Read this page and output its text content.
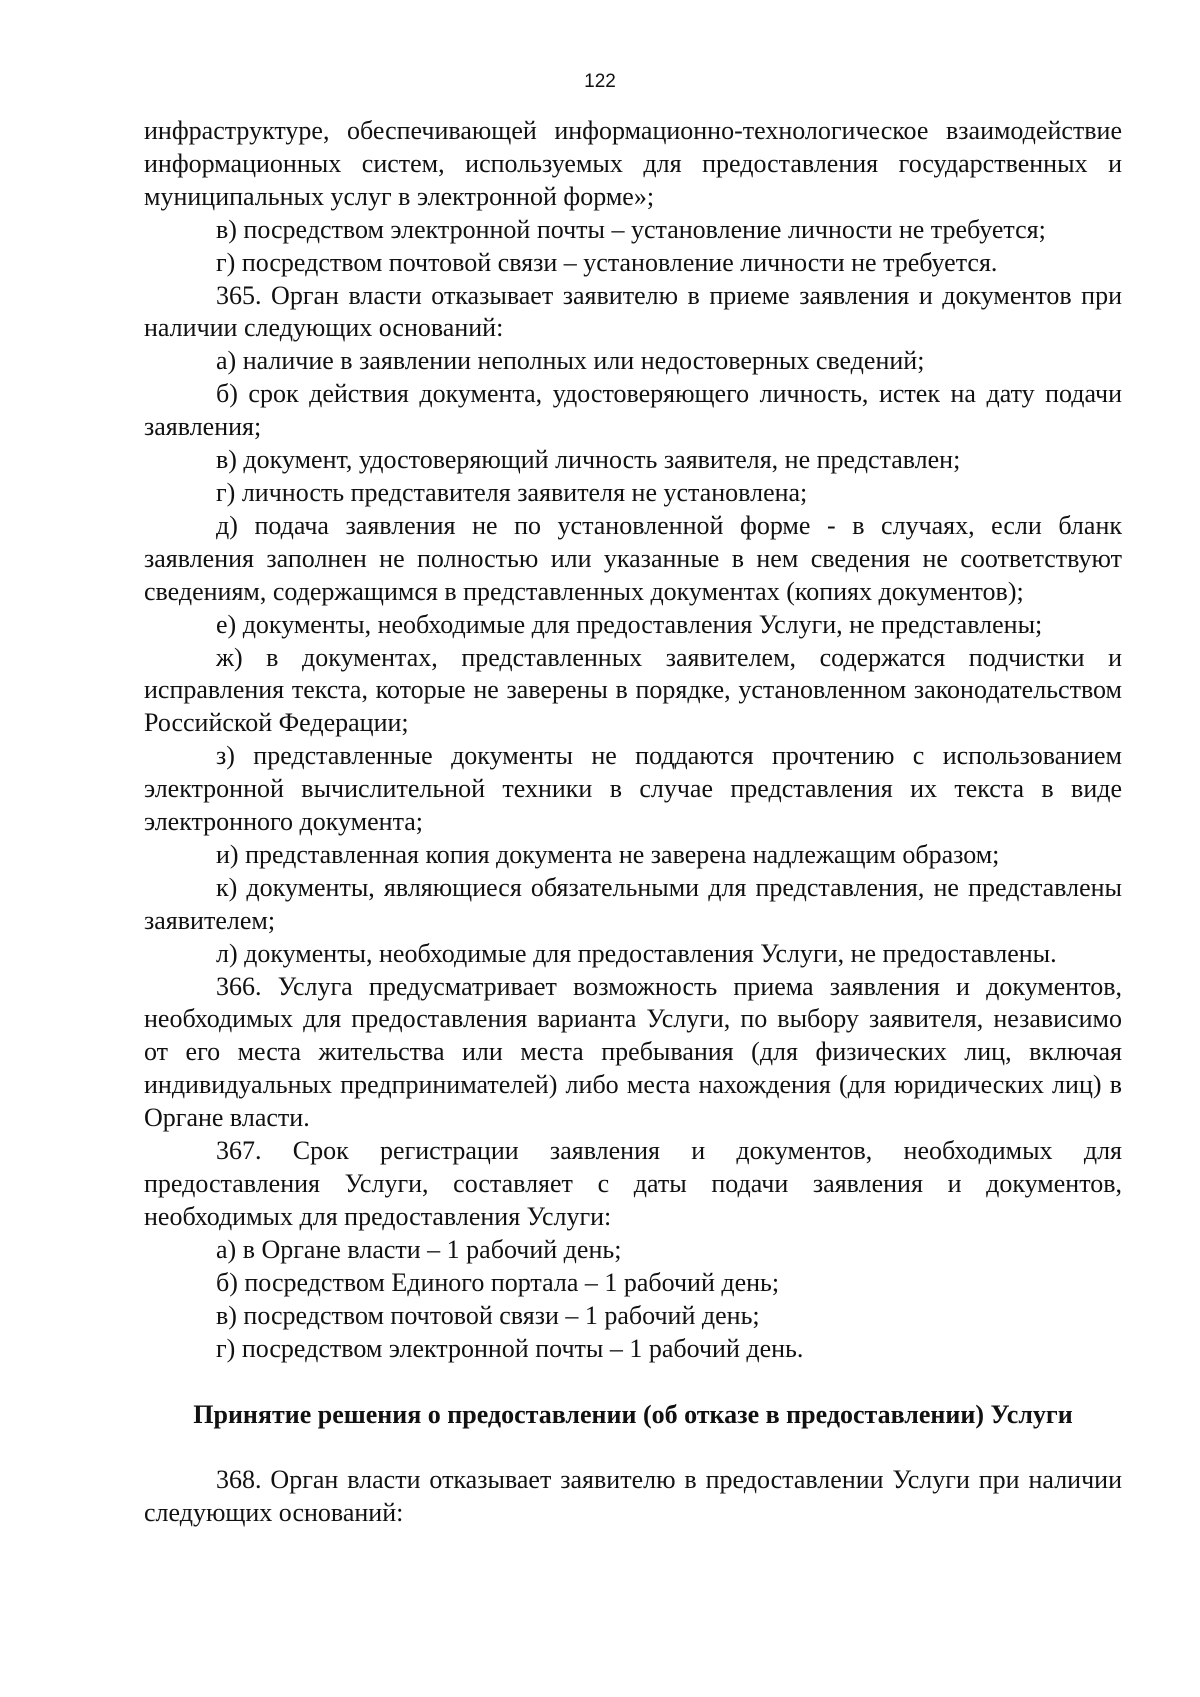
122

инфраструктуре, обеспечивающей информационно-технологическое взаимодействие информационных систем, используемых для предоставления государственных и муниципальных услуг в электронной форме»;

в) посредством электронной почты – установление личности не требуется;

г) посредством почтовой связи – установление личности не требуется.

365. Орган власти отказывает заявителю в приеме заявления и документов при наличии следующих оснований:

а) наличие в заявлении неполных или недостоверных сведений;

б) срок действия документа, удостоверяющего личность, истек на дату подачи заявления;

в) документ, удостоверяющий личность заявителя, не представлен;

г) личность представителя заявителя не установлена;

д) подача заявления не по установленной форме - в случаях, если бланк заявления заполнен не полностью или указанные в нем сведения не соответствуют сведениям, содержащимся в представленных документах (копиях документов);

е) документы, необходимые для предоставления Услуги, не представлены;

ж) в документах, представленных заявителем, содержатся подчистки и исправления текста, которые не заверены в порядке, установленном законодательством Российской Федерации;

з) представленные документы не поддаются прочтению с использованием электронной вычислительной техники в случае представления их текста в виде электронного документа;

и) представленная копия документа не заверена надлежащим образом;

к) документы, являющиеся обязательными для представления, не представлены заявителем;

л) документы, необходимые для предоставления Услуги, не предоставлены.

366. Услуга предусматривает возможность приема заявления и документов, необходимых для предоставления варианта Услуги, по выбору заявителя, независимо от его места жительства или места пребывания (для физических лиц, включая индивидуальных предпринимателей) либо места нахождения (для юридических лиц) в Органе власти.

367. Срок регистрации заявления и документов, необходимых для предоставления Услуги, составляет с даты подачи заявления и документов, необходимых для предоставления Услуги:

а) в Органе власти – 1 рабочий день;

б) посредством Единого портала – 1 рабочий день;

в) посредством почтовой связи – 1 рабочий день;

г) посредством электронной почты – 1 рабочий день.

Принятие решения о предоставлении (об отказе в предоставлении) Услуги

368. Орган власти отказывает заявителю в предоставлении Услуги при наличии следующих оснований:
